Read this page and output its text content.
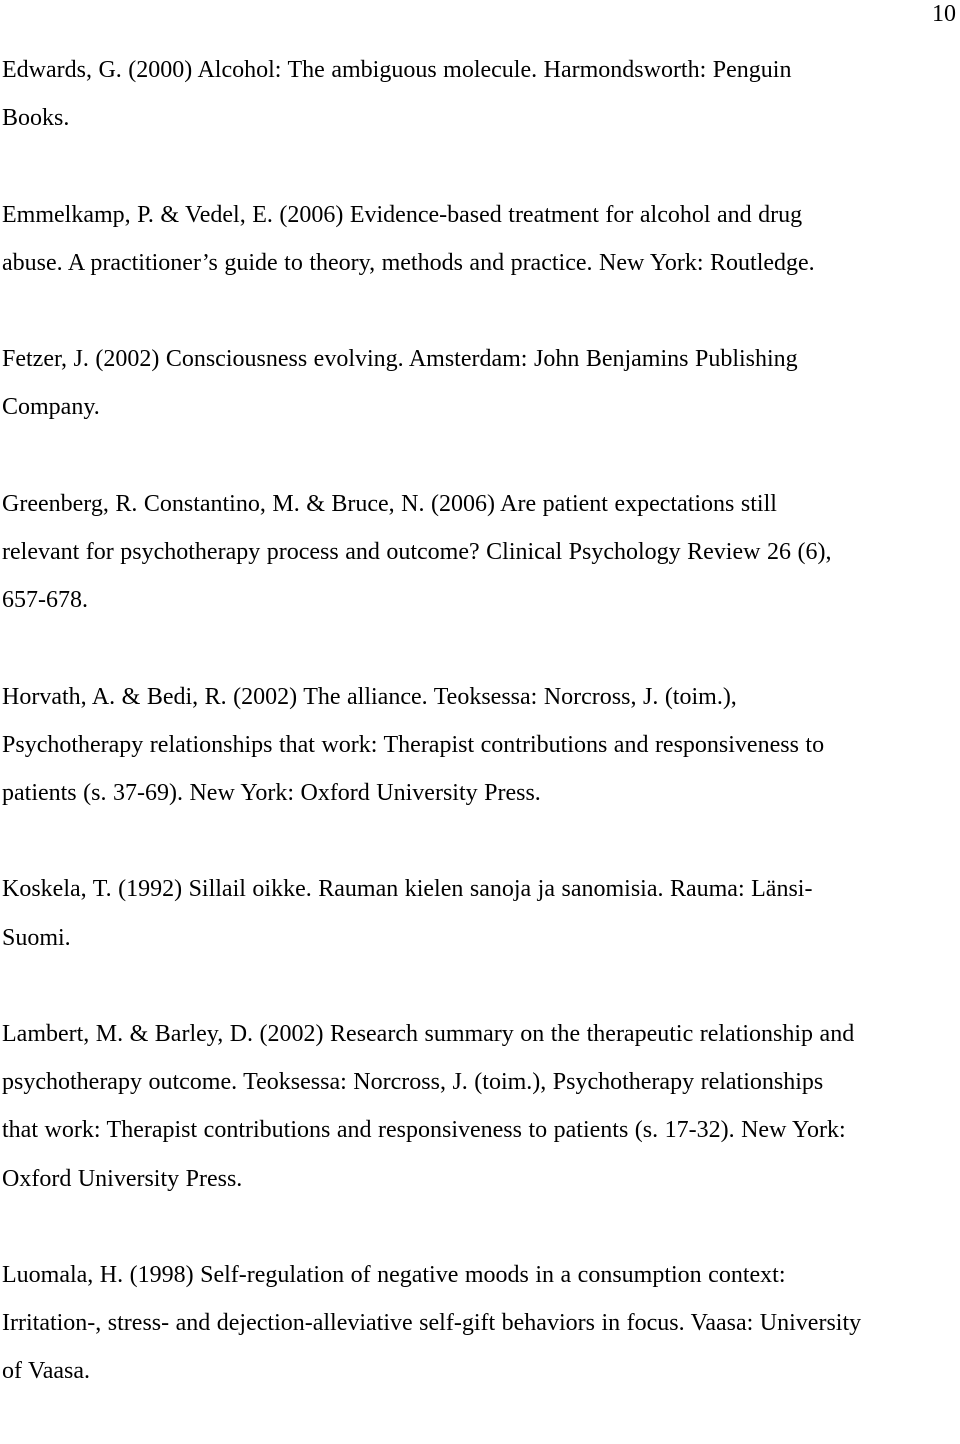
10
Edwards, G. (2000) Alcohol: The ambiguous molecule. Harmondsworth: Penguin
Books.
Emmelkamp, P. & Vedel, E. (2006) Evidence-based treatment for alcohol and drug
abuse. A practitioner’s guide to theory, methods and practice. New York: Routledge.
Fetzer, J. (2002) Consciousness evolving. Amsterdam: John Benjamins Publishing
Company.
Greenberg, R. Constantino, M. & Bruce, N. (2006) Are patient expectations still
relevant for psychotherapy process and outcome? Clinical Psychology Review 26 (6),
657-678.
Horvath, A. & Bedi, R. (2002) The alliance. Teoksessa: Norcross, J. (toim.),
Psychotherapy relationships that work: Therapist contributions and responsiveness to
patients (s. 37-69). New York: Oxford University Press.
Koskela, T. (1992) Sillail oikke. Rauman kielen sanoja ja sanomisia. Rauma: Länsi-
Suomi.
Lambert, M. & Barley, D. (2002) Research summary on the therapeutic relationship and
psychotherapy outcome. Teoksessa: Norcross, J. (toim.), Psychotherapy relationships
that work: Therapist contributions and responsiveness to patients (s. 17-32). New York:
Oxford University Press.
Luomala, H. (1998) Self-regulation of negative moods in a consumption context:
Irritation-, stress- and dejection-alleviative self-gift behaviors in focus. Vaasa: University
of Vaasa.
